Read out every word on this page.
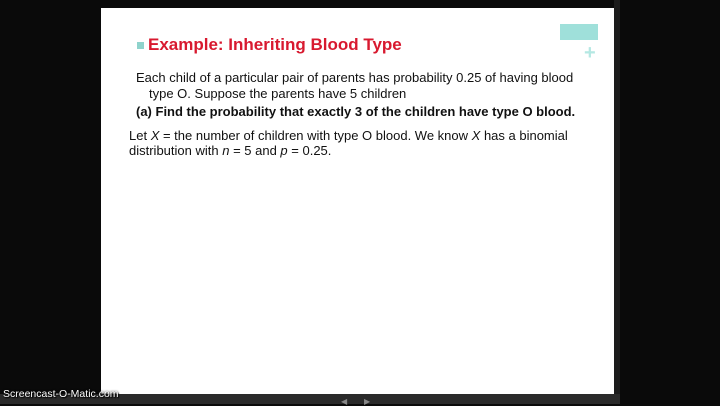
+
Example: Inheriting Blood Type
Each child of a particular pair of parents has probability 0.25 of having blood
type O. Suppose the parents have 5 children
(a) Find the probability that exactly 3 of the children have type O blood.
Let X = the number of children with type O blood. We know X has a binomial distribution with n = 5 and p = 0.25.
Screencast-O-Matic.com
◀ ▶
